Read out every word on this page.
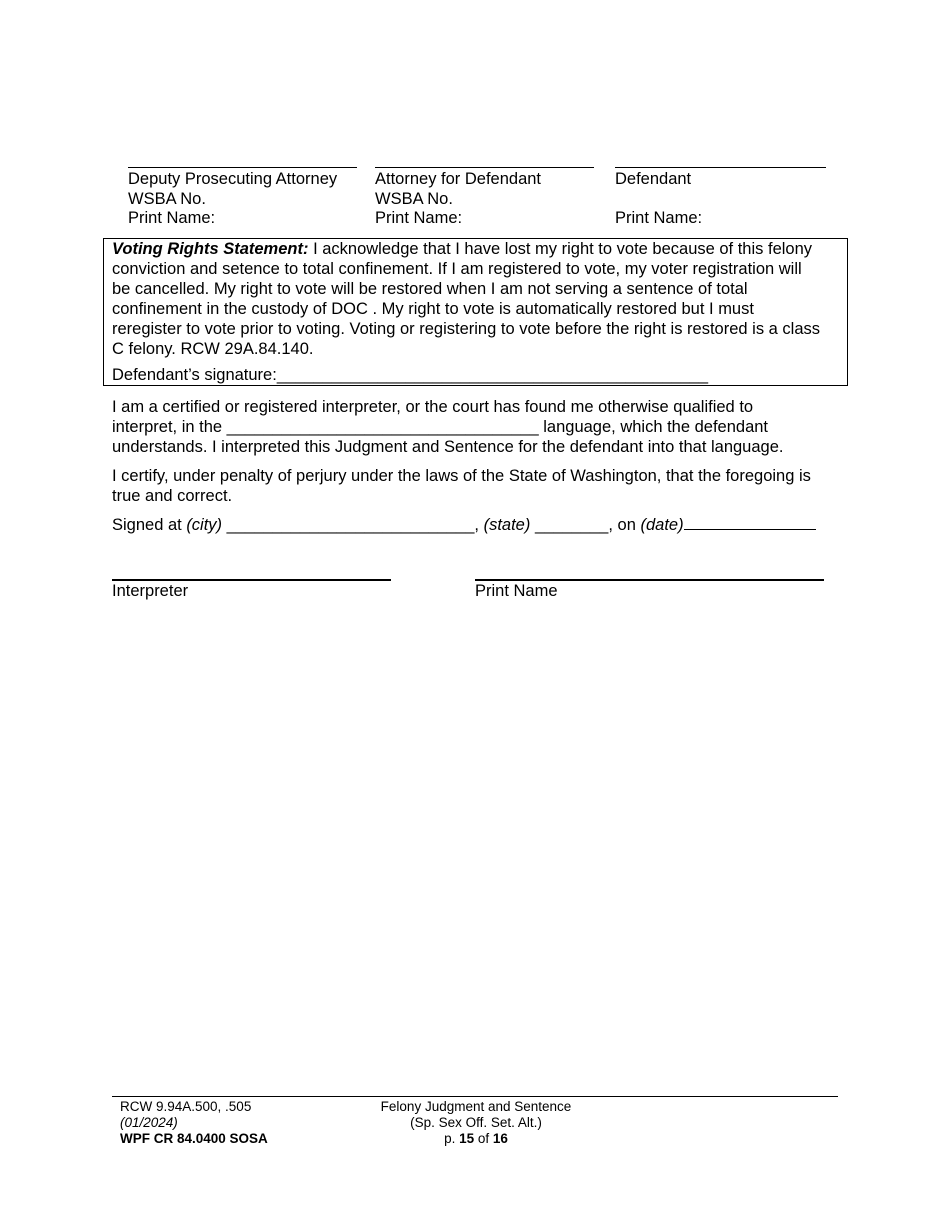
Deputy Prosecuting Attorney
WSBA No.
Print Name:
Attorney for Defendant
WSBA No.
Print Name:
Defendant
Print Name:
Voting Rights Statement: I acknowledge that I have lost my right to vote because of this felony
conviction and setence to total confinement. If I am registered to vote, my voter registration will
be cancelled. My right to vote will be restored when I am not serving a sentence of total
confinement in the custody of DOC . My right to vote is automatically restored but I must
reregister to vote prior to voting. Voting or registering to vote before the right is restored is a class
C felony. RCW 29A.84.140.
Defendant’s signature:_______________________________________________
I am a certified or registered interpreter, or the court has found me otherwise qualified to
interpret, in the __________________________________ language, which the defendant
understands. I interpreted this Judgment and Sentence for the defendant into that language.
I certify, under penalty of perjury under the laws of the State of Washington, that the foregoing is
true and correct.
Signed at (city) ___________________________, (state) ________, on (date)
Interpreter	Print Name
RCW 9.94A.500, .505
(01/2024)
WPF CR 84.0400 SOSA
Felony Judgment and Sentence
(Sp. Sex Off. Set. Alt.)
p. 15 of 16
